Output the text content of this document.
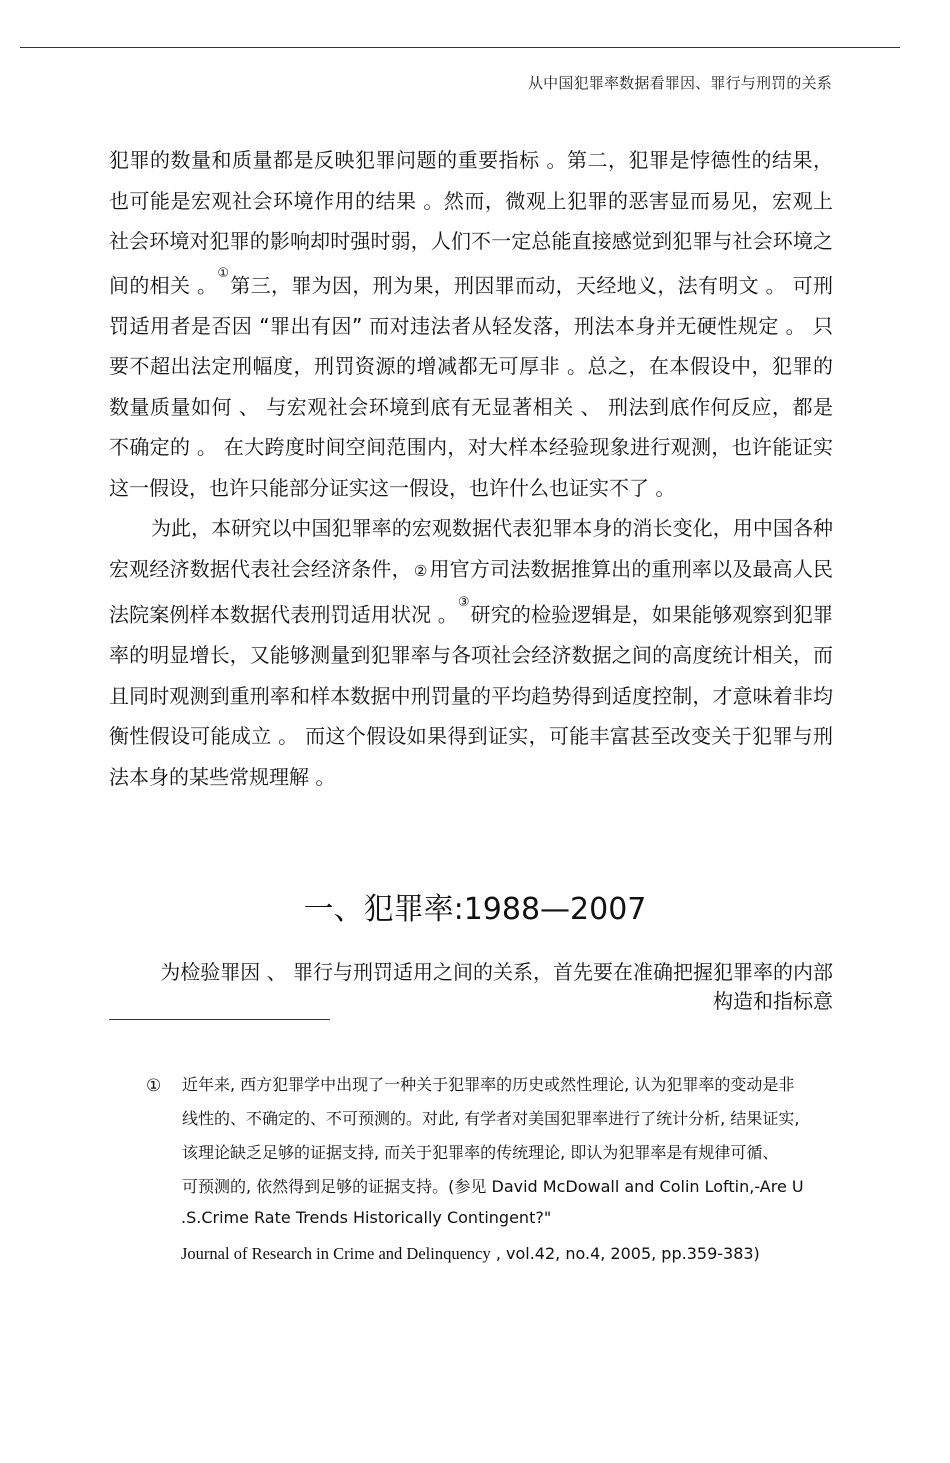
从中国犯罪率数据看罪因、罪行与刑罚的关系

犯罪的数量和质量都是反映犯罪问题的重要指标 。第二，犯罪是悖德性的结果，也可能是宏观社会环境作用的结果 。然而，微观上犯罪的恶害显而易见，宏观上社会环境对犯罪的影响却时强时弱，人们不一定总能直接感觉到犯罪与社会环境之间的相关 。①第三，罪为因，刑为果，刑因罪而动，天经地义，法有明文 。 可刑罚适用者是否因 “罪出有因” 而对违法者从轻发落，刑法本身并无硬性规定 。 只要不超出法定刑幅度，刑罚资源的增减都无可厚非 。总之，在本假设中，犯罪的数量质量如何 、 与宏观社会环境到底有无显著相关 、 刑法到底作何反应，都是不确定的 。 在大跨度时间空间范围内，对大样本经验现象进行观测，也许能证实这一假设，也许只能部分证实这一假设，也许什么也证实不了 。

为此，本研究以中国犯罪率的宏观数据代表犯罪本身的消长变化，用中国各种宏观经济数据代表社会经济条件， ② 用官方司法数据推算出的重刑率以及最高人民法院案例样本数据代表刑罚适用状况 。③研究的检验逻辑是，如果能够观察到犯罪率的明显增长，又能够测量到犯罪率与各项社会经济数据之间的高度统计相关，而且同时观测到重刑率和样本数据中刑罚量的平均趋势得到适度控制，才意味着非均衡性假设可能成立 。 而这个假设如果得到证实，可能丰富甚至改变关于犯罪与刑法本身的某些常规理解 。

一、犯罪率:1988—2007

为检验罪因 、 罪行与刑罚适用之间的关系，首先要在准确把握犯罪率的内部
构造和指标意

① 近年来, 西方犯罪学中出现了一种关于犯罪率的历史或然性理论, 认为犯罪率的变动是非
线性的、不确定的、不可预测的。对此, 有学者对美国犯罪率进行了统计分析, 结果证实,
该理论缺乏足够的证据支持, 而关于犯罪率的传统理论, 即认为犯罪率是有规律可循、
可预测的, 依然得到足够的证据支持。(参见 David McDowall and Colin Loftin,-Are U
.S.Crime Rate Trends Historically Contingent?"
Journal of Research in Crime and Delinquency , vol.42, no.4, 2005, pp.359-383)
